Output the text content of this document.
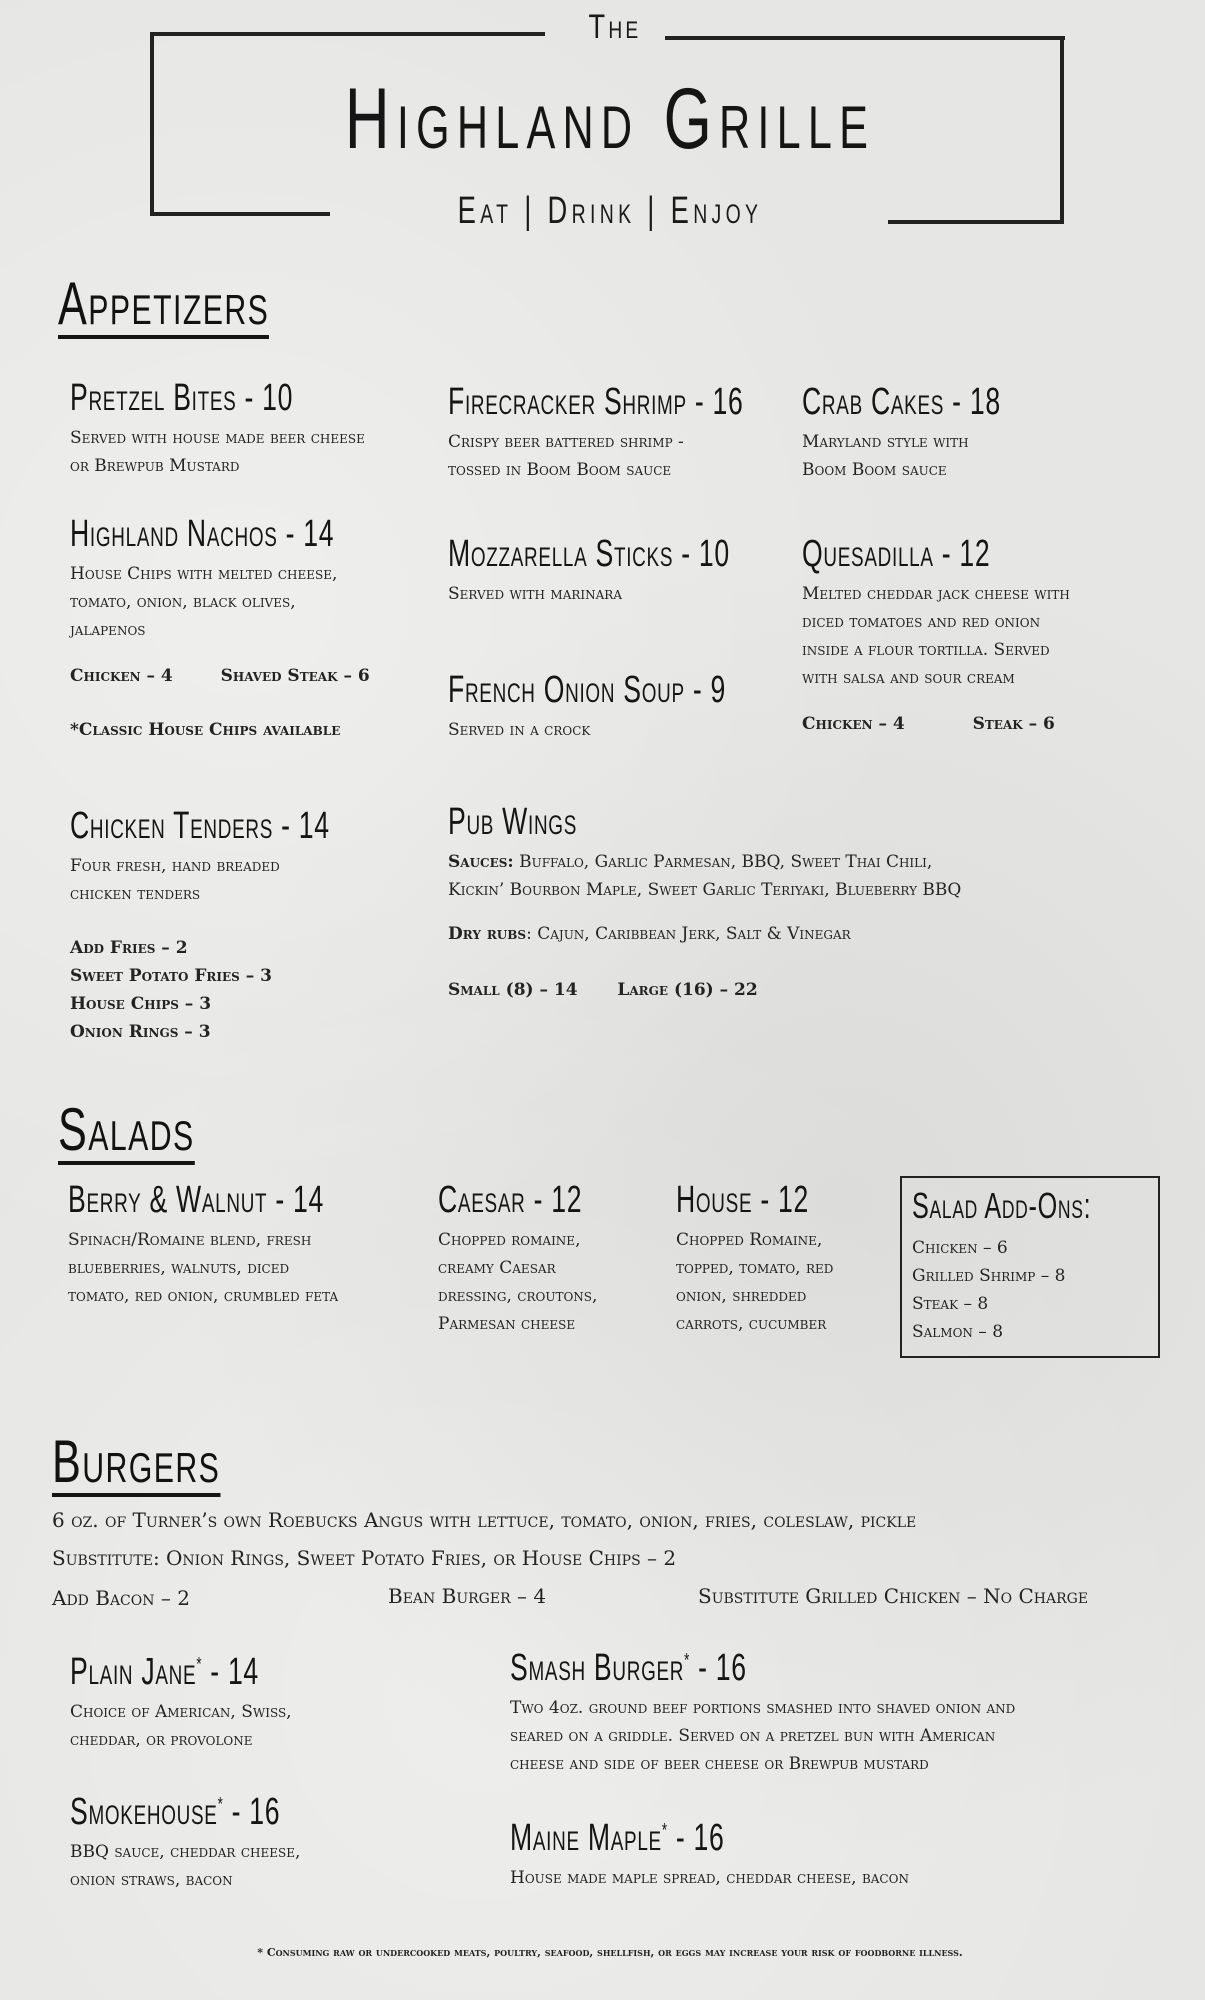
The
Highland Grille
Eat | Drink | Enjoy
Appetizers
Pretzel Bites - 10
Served with house made beer cheese
or Brewpub Mustard
Firecracker Shrimp - 16
Crispy beer battered shrimp -
tossed in Boom Boom sauce
Crab Cakes - 18
Maryland style with
Boom Boom sauce
Highland Nachos - 14
House Chips with melted cheese,
tomato, onion, black olives,
jalapenos
Chicken – 4	Shaved Steak – 6
*Classic House Chips available
Mozzarella Sticks - 10
Served with marinara
Quesadilla - 12
Melted cheddar jack cheese with
diced tomatoes and red onion
inside a flour tortilla. Served
with salsa and sour cream
Chicken – 4	Steak – 6
French Onion Soup - 9
Served in a crock
Chicken Tenders - 14
Four fresh, hand breaded
chicken tenders
Add Fries – 2
Sweet Potato Fries – 3
House Chips – 3
Onion Rings – 3
Pub Wings
Sauces: Buffalo, Garlic Parmesan, BBQ, Sweet Thai Chili,
Kickin’ Bourbon Maple, Sweet Garlic Teriyaki, Blueberry BBQ
Dry rubs: Cajun, Caribbean Jerk, Salt & Vinegar
Small (8) – 14 Large (16) – 22
Salads
Berry & Walnut - 14
Spinach/Romaine blend, fresh
blueberries, walnuts, diced
tomato, red onion, crumbled feta
Caesar - 12
Chopped romaine,
creamy Caesar
dressing, croutons,
Parmesan cheese
House - 12
Chopped Romaine,
topped, tomato, red
onion, shredded
carrots, cucumber
Salad Add-Ons:
Chicken – 6
Grilled Shrimp – 8
Steak – 8
Salmon – 8
Burgers
6 oz. of Turner’s own Roebucks Angus with lettuce, tomato, onion, fries, coleslaw, pickle
Substitute: Onion Rings, Sweet Potato Fries, or House Chips – 2
Add Bacon – 2	Bean Burger – 4	Substitute Grilled Chicken – No Charge
Plain Jane* - 14
Choice of American, Swiss,
cheddar, or provolone
Smash Burger* - 16
Two 4oz. ground beef portions smashed into shaved onion and
seared on a griddle. Served on a pretzel bun with American
cheese and side of beer cheese or Brewpub mustard
Smokehouse* - 16
BBQ sauce, cheddar cheese,
onion straws, bacon
Maine Maple* - 16
House made maple spread, cheddar cheese, bacon
* Consuming raw or undercooked meats, poultry, seafood, shellfish, or eggs may increase your risk of foodborne illness.
